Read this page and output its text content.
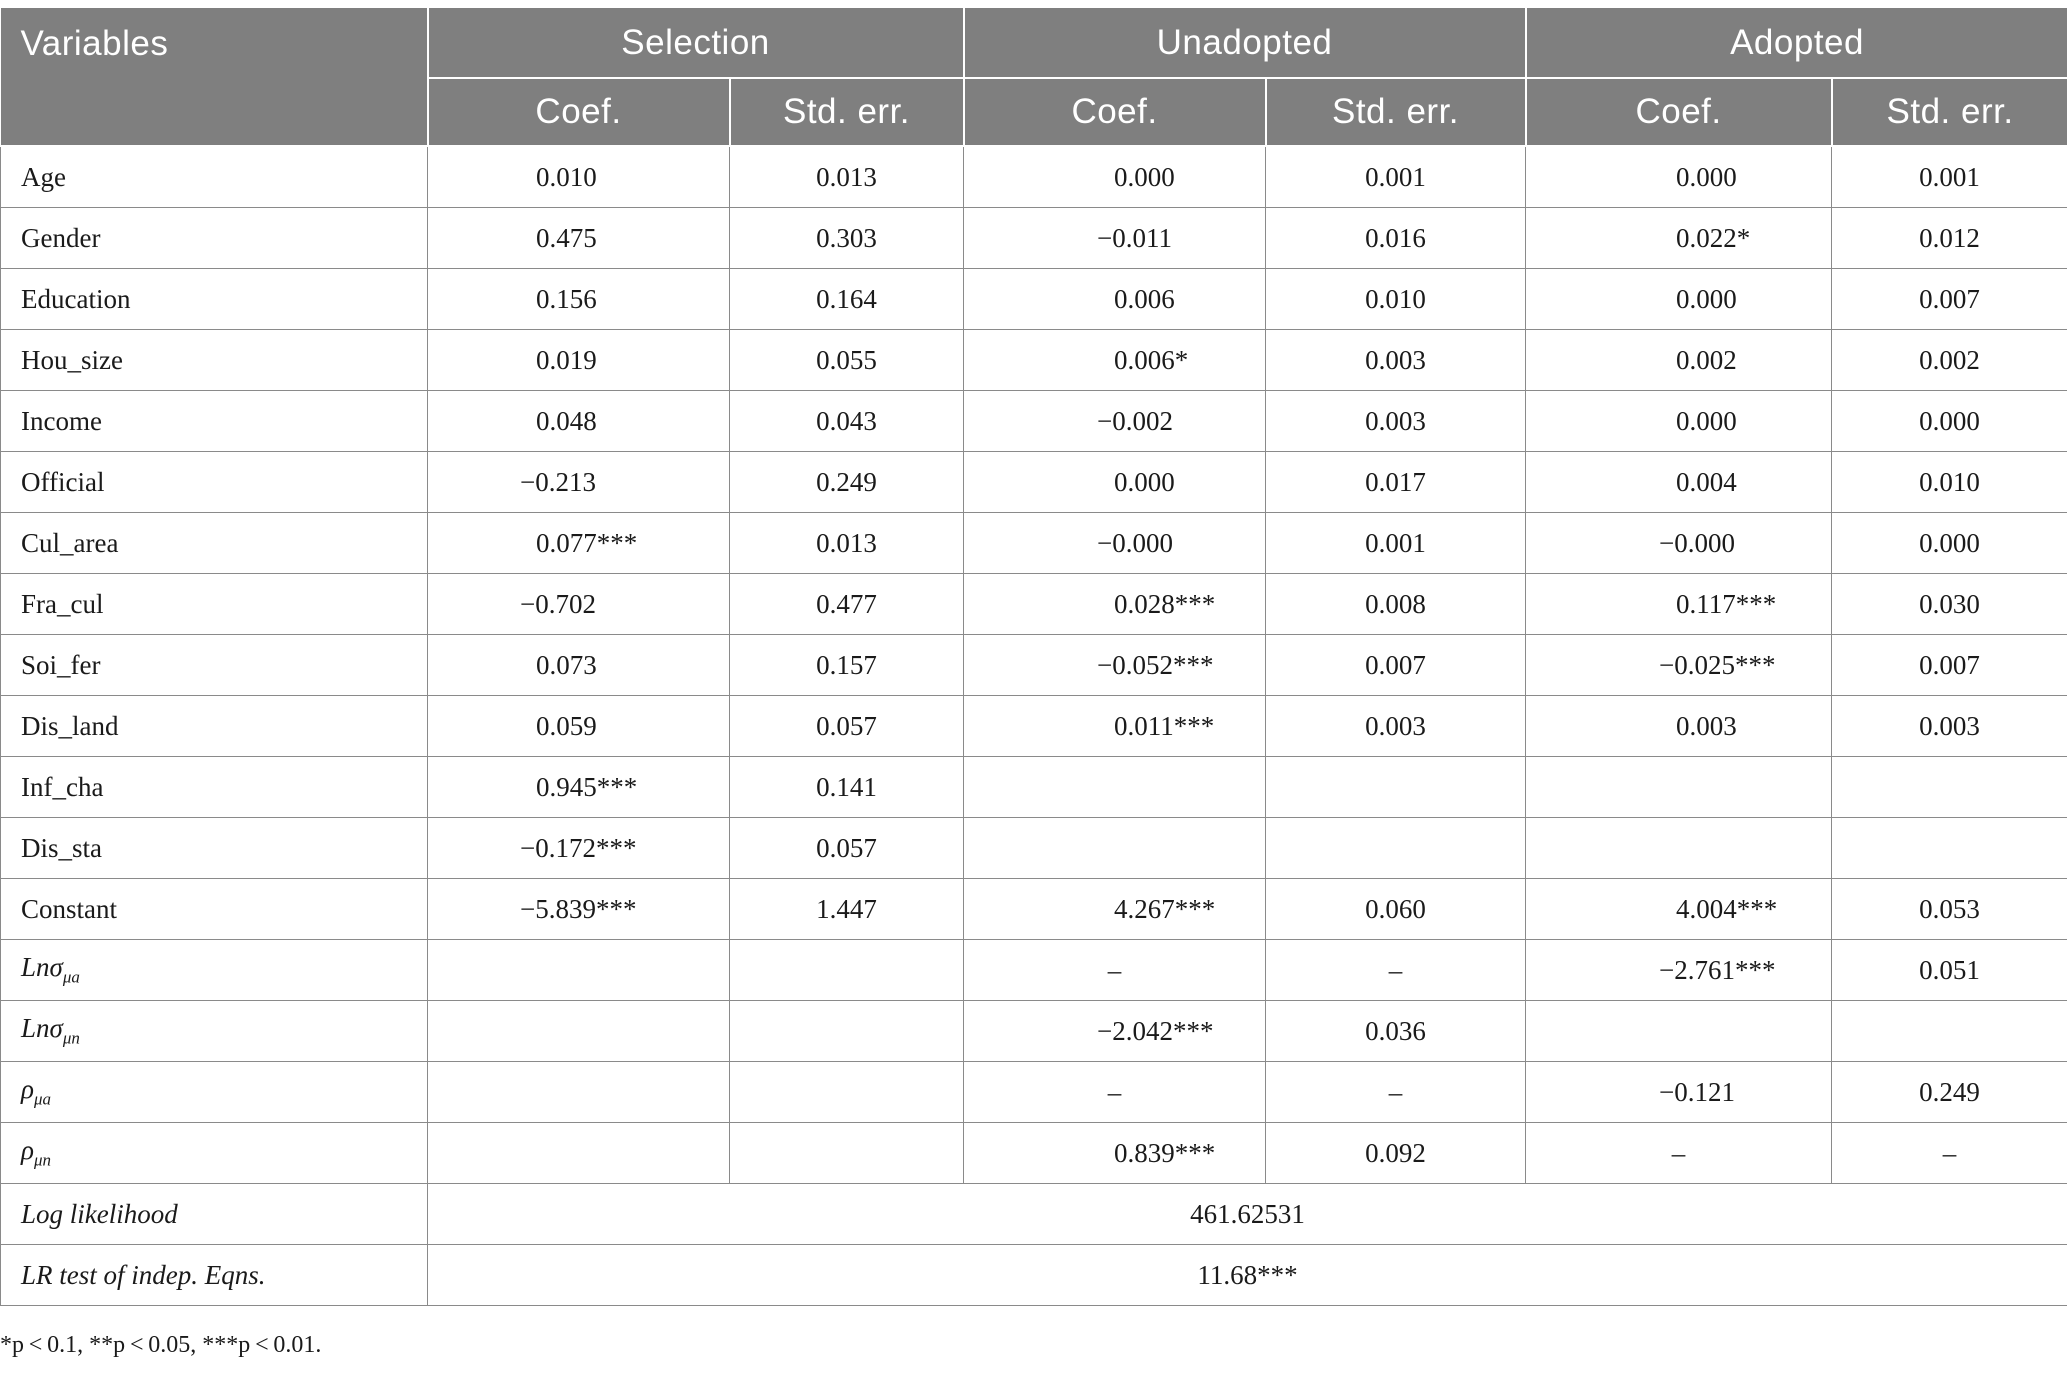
Variables	Selection		Unadopted		Adopted	
	Coef.	Std. err.	Coef.	Std. err.	Coef.	Std. err.
Age	0.010	0.013	0.000	0.001	0.000	0.001
Gender	0.475	0.303	−0.011	0.016	0.022*	0.012
Education	0.156	0.164	0.006	0.010	0.000	0.007
Hou_size	0.019	0.055	0.006*	0.003	0.002	0.002
Income	0.048	0.043	−0.002	0.003	0.000	0.000
Official	−0.213	0.249	0.000	0.017	0.004	0.010
Cul_area	0.077***	0.013	−0.000	0.001	−0.000	0.000
Fra_cul	−0.702	0.477	0.028***	0.008	0.117***	0.030
Soi_fer	0.073	0.157	−0.052***	0.007	−0.025***	0.007
Dis_land	0.059	0.057	0.011***	0.003	0.003	0.003
Inf_cha	0.945***	0.141				
Dis_sta	−0.172***	0.057				
Constant	−5.839***	1.447	4.267***	0.060	4.004***	0.053
Lnσ$_{\mu a}$			–	–	−2.761***	0.051
Lnσ$_{\mu n}$			−2.042***	0.036		
$\rho_{\mu a}$			–	–	−0.121	0.249
$\rho_{\mu n}$			0.839***	0.092	–	–
Log likelihood	461.62531					
LR test of indep. Eqns.	11.68***					
*p < 0.1, **p < 0.05, ***p < 0.01.
